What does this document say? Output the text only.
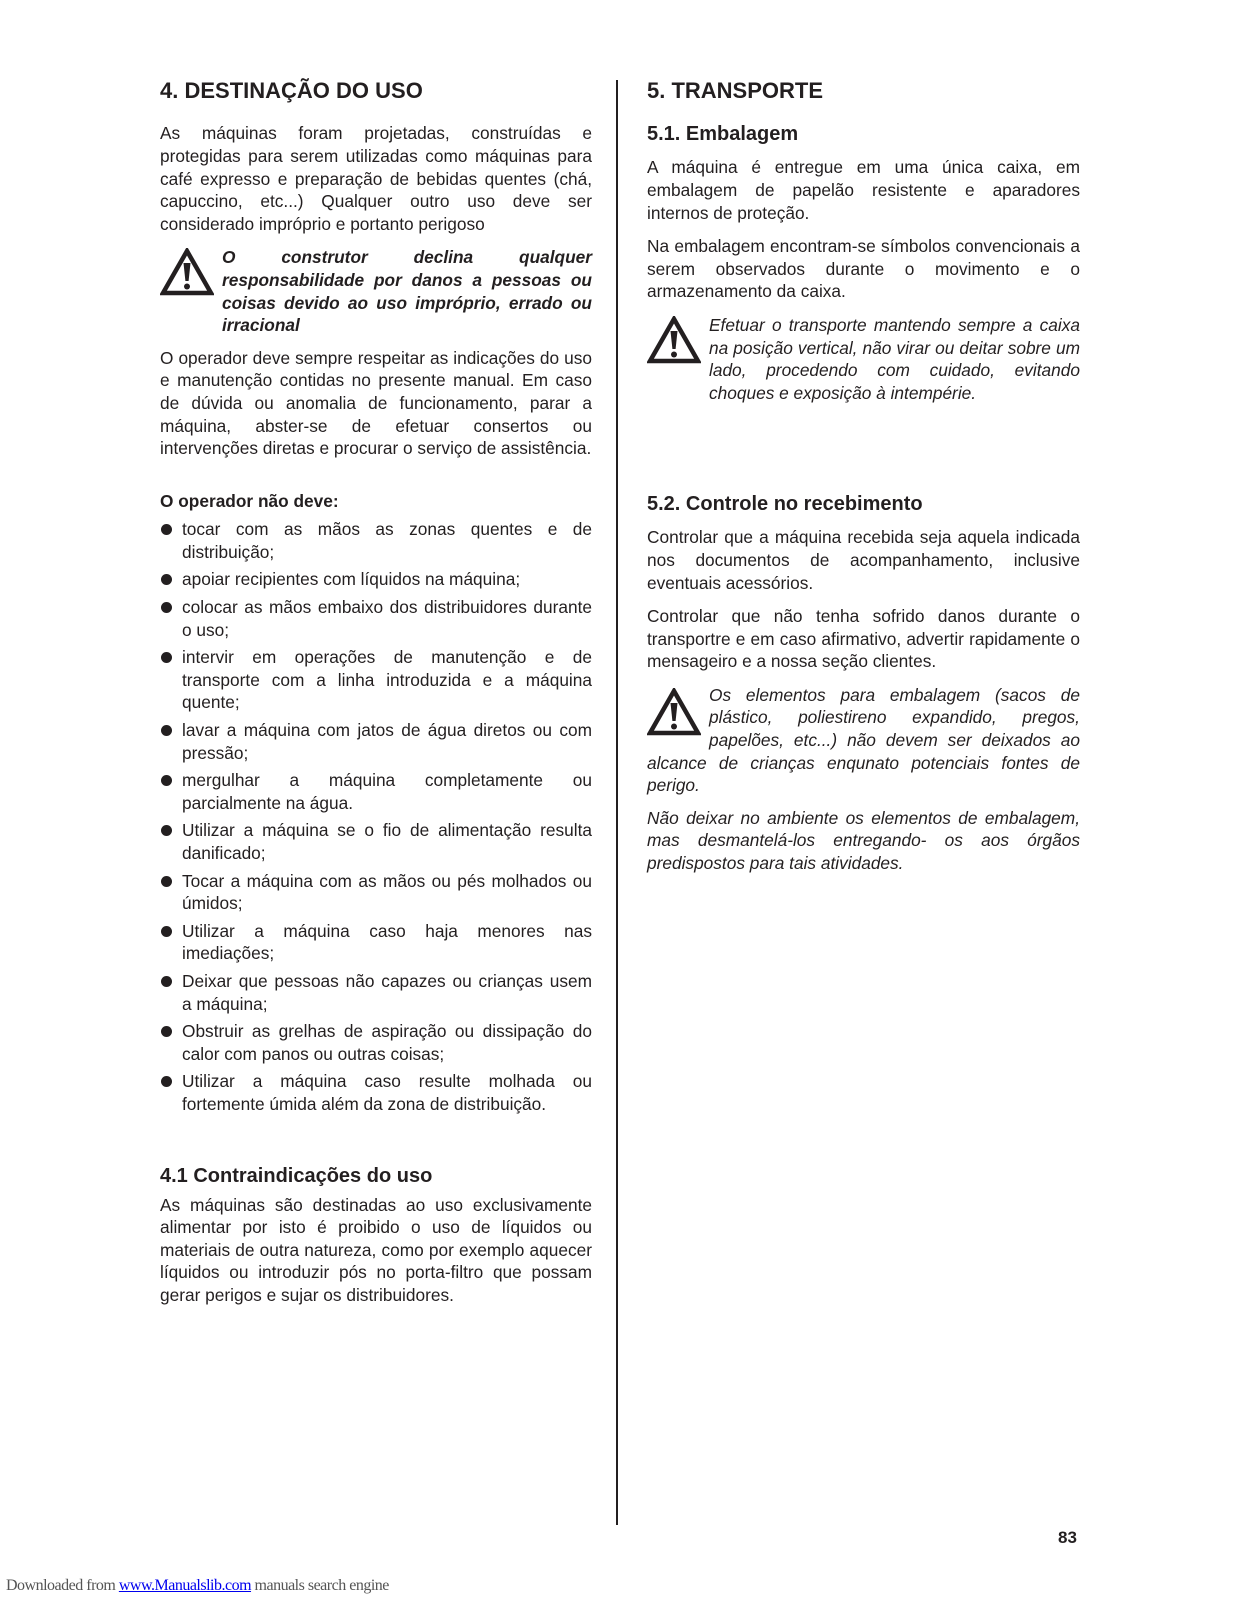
4. DESTINAÇÃO DO USO

As máquinas foram projetadas, construídas e protegidas para serem utilizadas como máquinas para café expresso e preparação de bebidas quentes (chá, capuccino, etc...) Qualquer outro uso deve ser considerado impróprio e portanto perigoso

O construtor declina qualquer responsabilidade por danos a pessoas ou coisas devido ao uso impróprio, errado ou irracional

O operador deve sempre respeitar as indicações do uso e manutenção contidas no presente manual. Em caso de dúvida ou anomalia de funcionamento, parar a máquina, abster-se de efetuar consertos ou intervenções diretas e procurar o serviço de assistência.

O operador não deve:

tocar com as mãos as zonas quentes e de distribuição;
apoiar recipientes com líquidos na máquina;
colocar as mãos embaixo dos distribuidores durante o uso;
intervir em operações de manutenção e de transporte com a linha introduzida e a máquina quente;
lavar a máquina com jatos de água diretos ou com pressão;
mergulhar a máquina completamente ou parcialmente na água.
Utilizar a máquina se o fio de alimentação resulta danificado;
Tocar a máquina com as mãos ou pés molhados ou úmidos;
Utilizar a máquina caso haja menores nas imediações;
Deixar que pessoas não capazes ou crianças usem a máquina;
Obstruir as grelhas de aspiração ou dissipação do calor com panos ou outras coisas;
Utilizar a máquina caso resulte molhada ou fortemente úmida além da zona de distribuição.
4.1 Contraindicações do uso

As máquinas são destinadas ao uso exclusivamente alimentar por isto é proibido o uso de líquidos ou materiais de outra natureza, como por exemplo aquecer líquidos ou introduzir pós no porta-filtro que possam gerar perigos e sujar os distribuidores.

5. TRANSPORTE
5.1. Embalagem

A máquina é entregue em uma única caixa, em embalagem de papelão resistente e aparadores internos de proteção.

Na embalagem encontram-se símbolos convencionais a serem observados durante o movimento e o armazenamento da caixa.

Efetuar o transporte mantendo sempre a caixa na posição vertical, não virar ou deitar sobre um lado, procedendo com cuidado, evitando choques e exposição à intempérie.
5.2. Controle no recebimento

Controlar que a máquina recebida seja aquela indicada nos documentos de acompanhamento, inclusive eventuais acessórios.

Controlar que não tenha sofrido danos durante o transportre e em caso afirmativo, advertir rapidamente o mensageiro e a nossa seção clientes.

Os elementos para embalagem (sacos de plástico, poliestireno expandido, pregos, papelões, etc...) não devem ser deixados ao alcance de crianças enqunato potenciais fontes de perigo.

Não deixar no ambiente os elementos de embalagem, mas desmantelá-los entregando- os aos órgãos predispostos para tais atividades.

83
Downloaded from www.Manualslib.com manuals search engine
